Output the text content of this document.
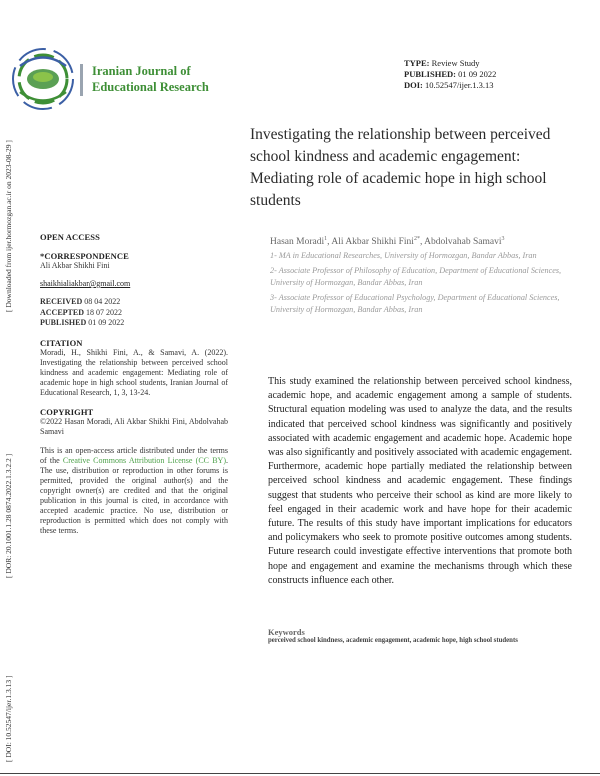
Iranian Journal of
Educational Research
TYPE: Review Study
PUBLISHED: 01 09 2022
DOI: 10.52547/ijer.1.3.13
Investigating the relationship between perceived school kindness and academic engagement: Mediating role of academic hope in high school students
Hasan Moradi$^1$, Ali Akbar Shikhi Fini$^{2*}$, Abdolvahab Samavi$^3$
1- MA in Educational Researches, University of Hormozgan, Bandar Abbas, Iran
2- Associate Professor of Philosophy of Education, Department of Educational Sciences, University of Hormozgan, Bandar Abbas, Iran
3- Associate Professor of Educational Psychology, Department of Educational Sciences, University of Hormozgan, Bandar Abbas, Iran
OPEN ACCESS
*CORRESPONDENCE
Ali Akbar Shikhi Fini
shaikhialiakbar@gmail.com
RECEIVED 08 04 2022
ACCEPTED 18 07 2022
PUBLISHED 01 09 2022
CITATION
Moradi, H., Shikhi Fini, A., & Samavi, A. (2022). Investigating the relationship between perceived school kindness and academic engagement: Mediating role of academic hope in high school students, Iranian Journal of Educational Research, 1, 3, 13-24.
COPYRIGHT
©2022 Hasan Moradi, Ali Akbar Shikhi Fini, Abdolvahab Samavi
This is an open-access article distributed under the terms of the Creative Commons Attribution License (CC BY). The use, distribution or reproduction in other forums is permitted, provided the original author(s) and the copyright owner(s) are credited and that the original publication in this journal is cited, in accordance with accepted academic practice. No use, distribution or reproduction is permitted which does not comply with these terms.
This study examined the relationship between perceived school kindness, academic hope, and academic engagement among a sample of students. Structural equation modeling was used to analyze the data, and the results indicated that perceived school kindness was significantly and positively associated with academic engagement and academic hope. Academic hope was also significantly and positively associated with academic engagement. Furthermore, academic hope partially mediated the relationship between perceived school kindness and academic engagement. These findings suggest that students who perceive their school as kind are more likely to feel engaged in their academic work and have hope for their academic future. The results of this study have important implications for educators and policymakers who seek to promote positive outcomes among students. Future research could investigate effective interventions that promote both hope and engagement and examine the mechanisms through which these constructs influence each other.
Keywords
perceived school kindness, academic engagement, academic hope, high school students
[ Downloaded from ijer.hormozgan.ac.ir on 2023-08-29 ]
[ DOR: 20.1001.1.28 0874.2022.1.3.2.2 ]
[ DOI: 10.52547/ijer.1.3.13 ]
